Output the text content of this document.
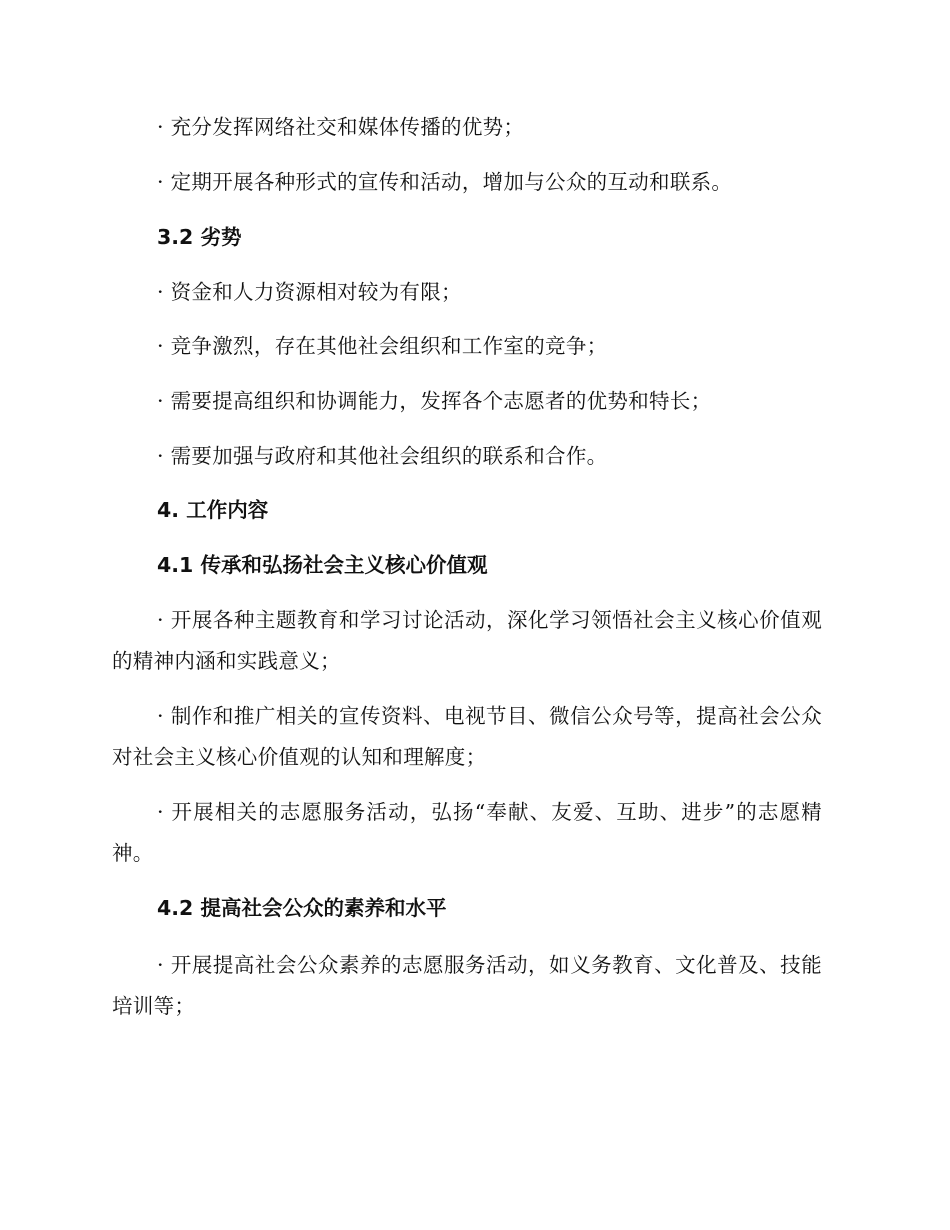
· 充分发挥网络社交和媒体传播的优势；

· 定期开展各种形式的宣传和活动，增加与公众的互动和联系。

3.2 劣势

· 资金和人力资源相对较为有限；

· 竞争激烈，存在其他社会组织和工作室的竞争；

· 需要提高组织和协调能力，发挥各个志愿者的优势和特长；

· 需要加强与政府和其他社会组织的联系和合作。

4. 工作内容

4.1 传承和弘扬社会主义核心价值观

· 开展各种主题教育和学习讨论活动，深化学习领悟社会主义核心价值观的精神内涵和实践意义；

· 制作和推广相关的宣传资料、电视节目、微信公众号等，提高社会公众对社会主义核心价值观的认知和理解度；

· 开展相关的志愿服务活动，弘扬“奉献、友爱、互助、进步”的志愿精神。

4.2 提高社会公众的素养和水平

· 开展提高社会公众素养的志愿服务活动，如义务教育、文化普及、技能培训等；
